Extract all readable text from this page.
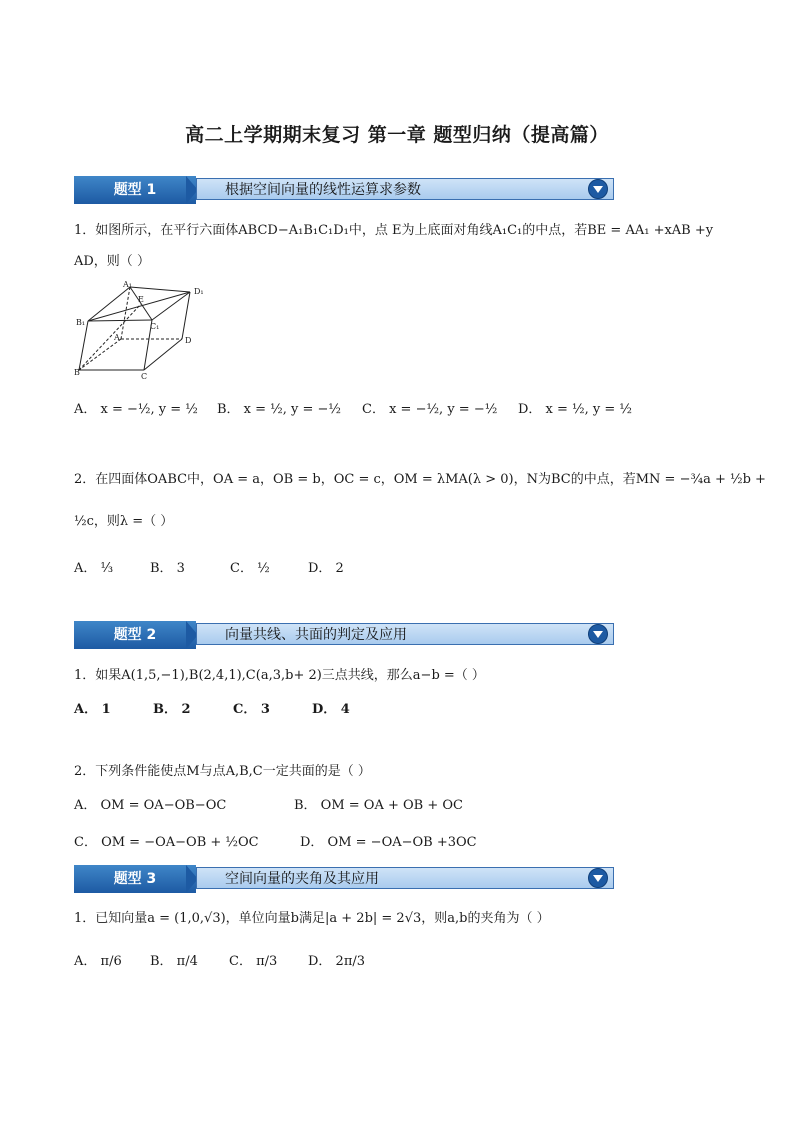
高二上学期期末复习 第一章 题型归纳（提高篇）
题型 1	根据空间向量的线性运算求参数
1．如图所示，在平行六面体ABCD−A₁B₁C₁D₁中，点 E为上底面对角线A₁C₁的中点，若BE = AA₁ +xAB +y
AD，则（ ）
A₁
D₁
E
B₁	C₁
A	D
B	C
A． x = −½, y = ½ B． x = ½, y = −½ C． x = −½, y = −½ D． x = ½, y = ½
2．在四面体OABC中，OA = a，OB = b，OC = c，OM = λMA(λ > 0)，N为BC的中点，若MN = −¾a + ½b +
½c，则λ =（ ）
A． ⅓	B． 3	C． ½	D． 2
题型 2	向量共线、共面的判定及应用
1．如果A(1,5,−1),B(2,4,1),C(a,3,b+ 2)三点共线，那么a−b =（ ）
A． 1	B． 2	C． 3	D． 4
2．下列条件能使点M与点A,B,C一定共面的是（ ）
A． OM = OA−OB−OC	B． OM = OA + OB + OC
C． OM = −OA−OB + ½OC	D． OM = −OA−OB +3OC
题型 3	空间向量的夹角及其应用
1．已知向量a = (1,0,√3)，单位向量b满足|a + 2b| = 2√3，则a,b的夹角为（ ）
A． π/6 B． π/4 C． π/3 D． 2π/3
